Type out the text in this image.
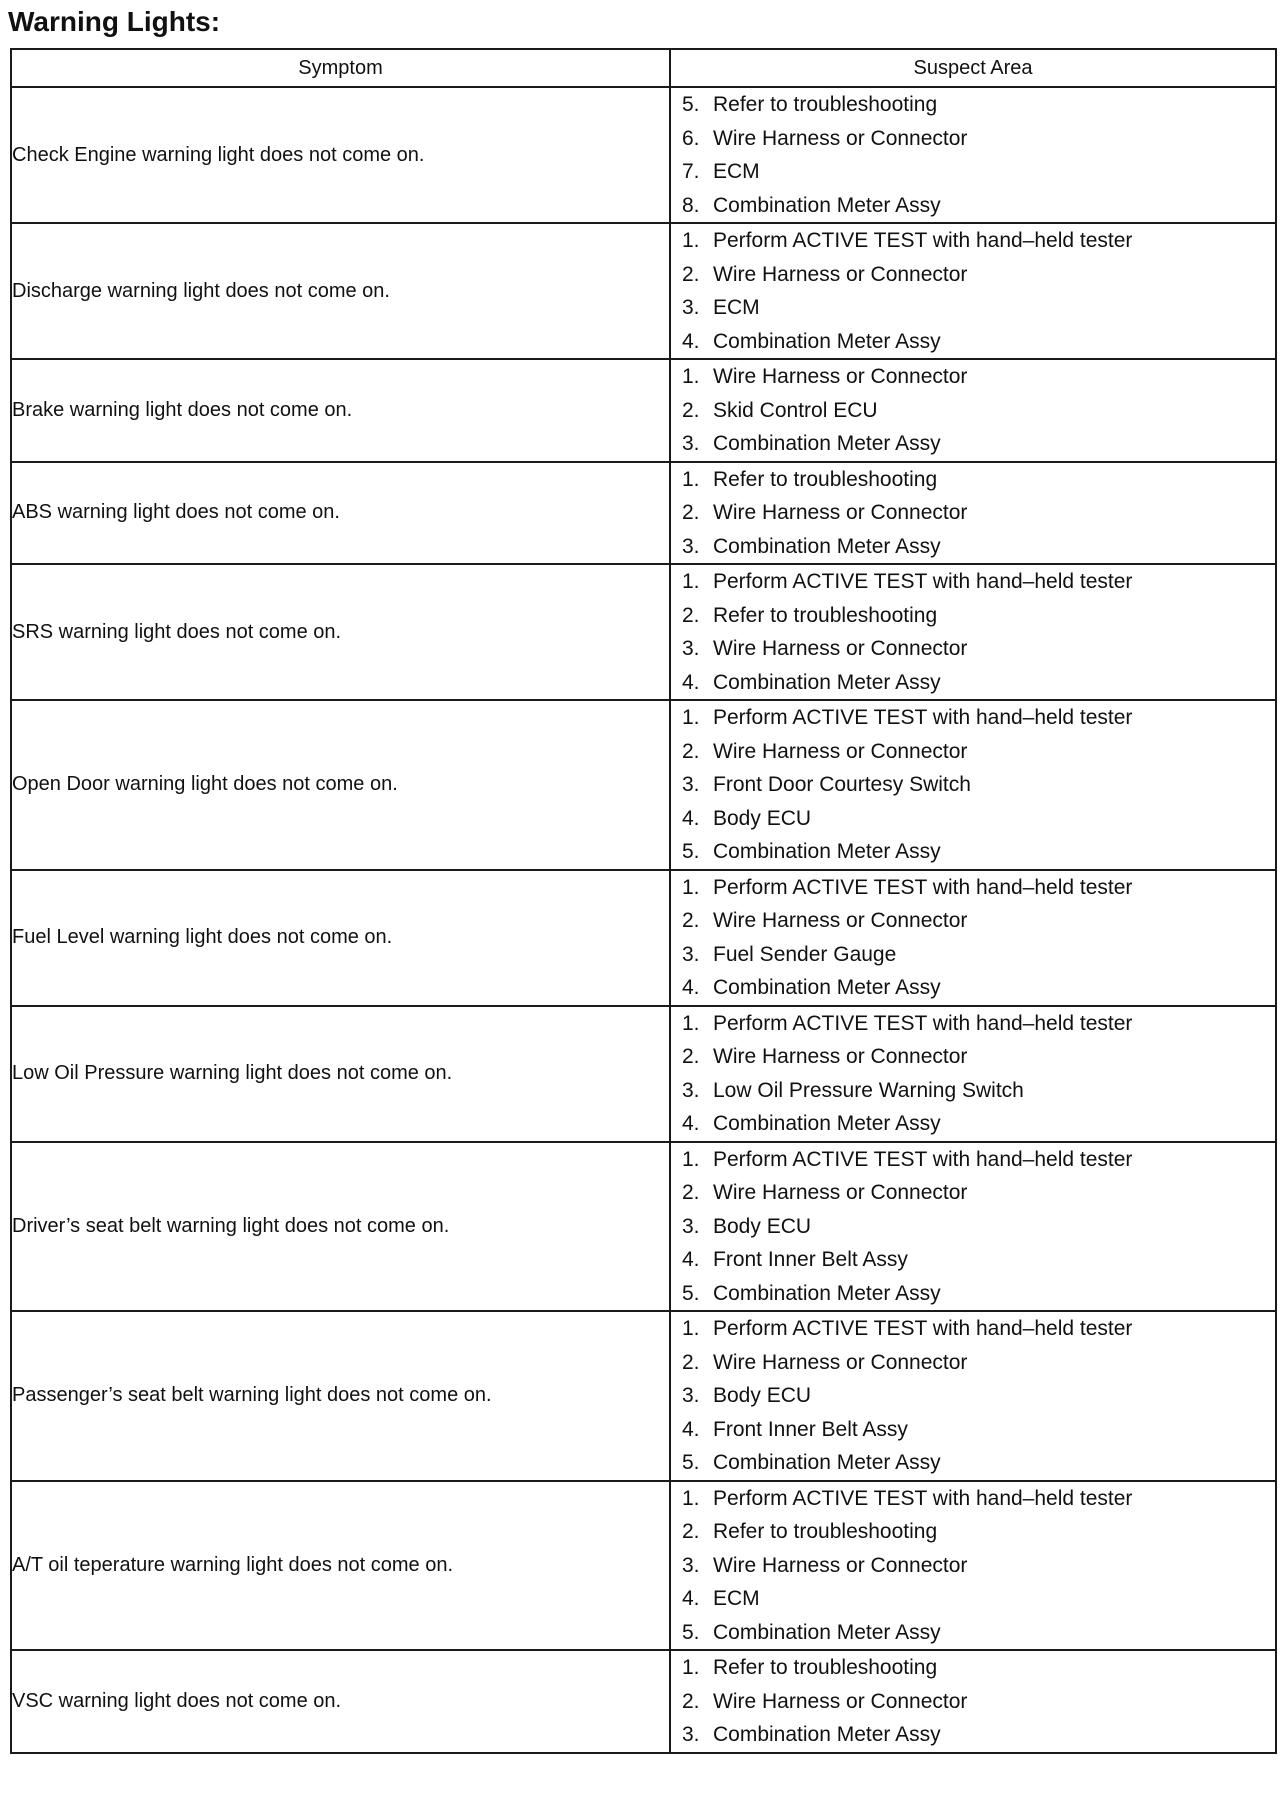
Warning Lights:
Symptom	Suspect Area
Check Engine warning light does not come on.	5. Refer to troubleshooting
6. Wire Harness or Connector
7. ECM
8. Combination Meter Assy

Discharge warning light does not come on.	1. Perform ACTIVE TEST with hand–held tester
2. Wire Harness or Connector
3. ECM
4. Combination Meter Assy

Brake warning light does not come on.	1. Wire Harness or Connector
2. Skid Control ECU
3. Combination Meter Assy

ABS warning light does not come on.	1. Refer to troubleshooting
2. Wire Harness or Connector
3. Combination Meter Assy

SRS warning light does not come on.	1. Perform ACTIVE TEST with hand–held tester
2. Refer to troubleshooting
3. Wire Harness or Connector
4. Combination Meter Assy

Open Door warning light does not come on.	1. Perform ACTIVE TEST with hand–held tester
2. Wire Harness or Connector
3. Front Door Courtesy Switch
4. Body ECU
5. Combination Meter Assy

Fuel Level warning light does not come on.	1. Perform ACTIVE TEST with hand–held tester
2. Wire Harness or Connector
3. Fuel Sender Gauge
4. Combination Meter Assy

Low Oil Pressure warning light does not come on.	1. Perform ACTIVE TEST with hand–held tester
2. Wire Harness or Connector
3. Low Oil Pressure Warning Switch
4. Combination Meter Assy

Driver’s seat belt warning light does not come on.	1. Perform ACTIVE TEST with hand–held tester
2. Wire Harness or Connector
3. Body ECU
4. Front Inner Belt Assy
5. Combination Meter Assy

Passenger’s seat belt warning light does not come on.	1. Perform ACTIVE TEST with hand–held tester
2. Wire Harness or Connector
3. Body ECU
4. Front Inner Belt Assy
5. Combination Meter Assy

A/T oil teperature warning light does not come on.	1. Perform ACTIVE TEST with hand–held tester
2. Refer to troubleshooting
3. Wire Harness or Connector
4. ECM
5. Combination Meter Assy

VSC warning light does not come on.	1. Refer to troubleshooting
2. Wire Harness or Connector
3. Combination Meter Assy
